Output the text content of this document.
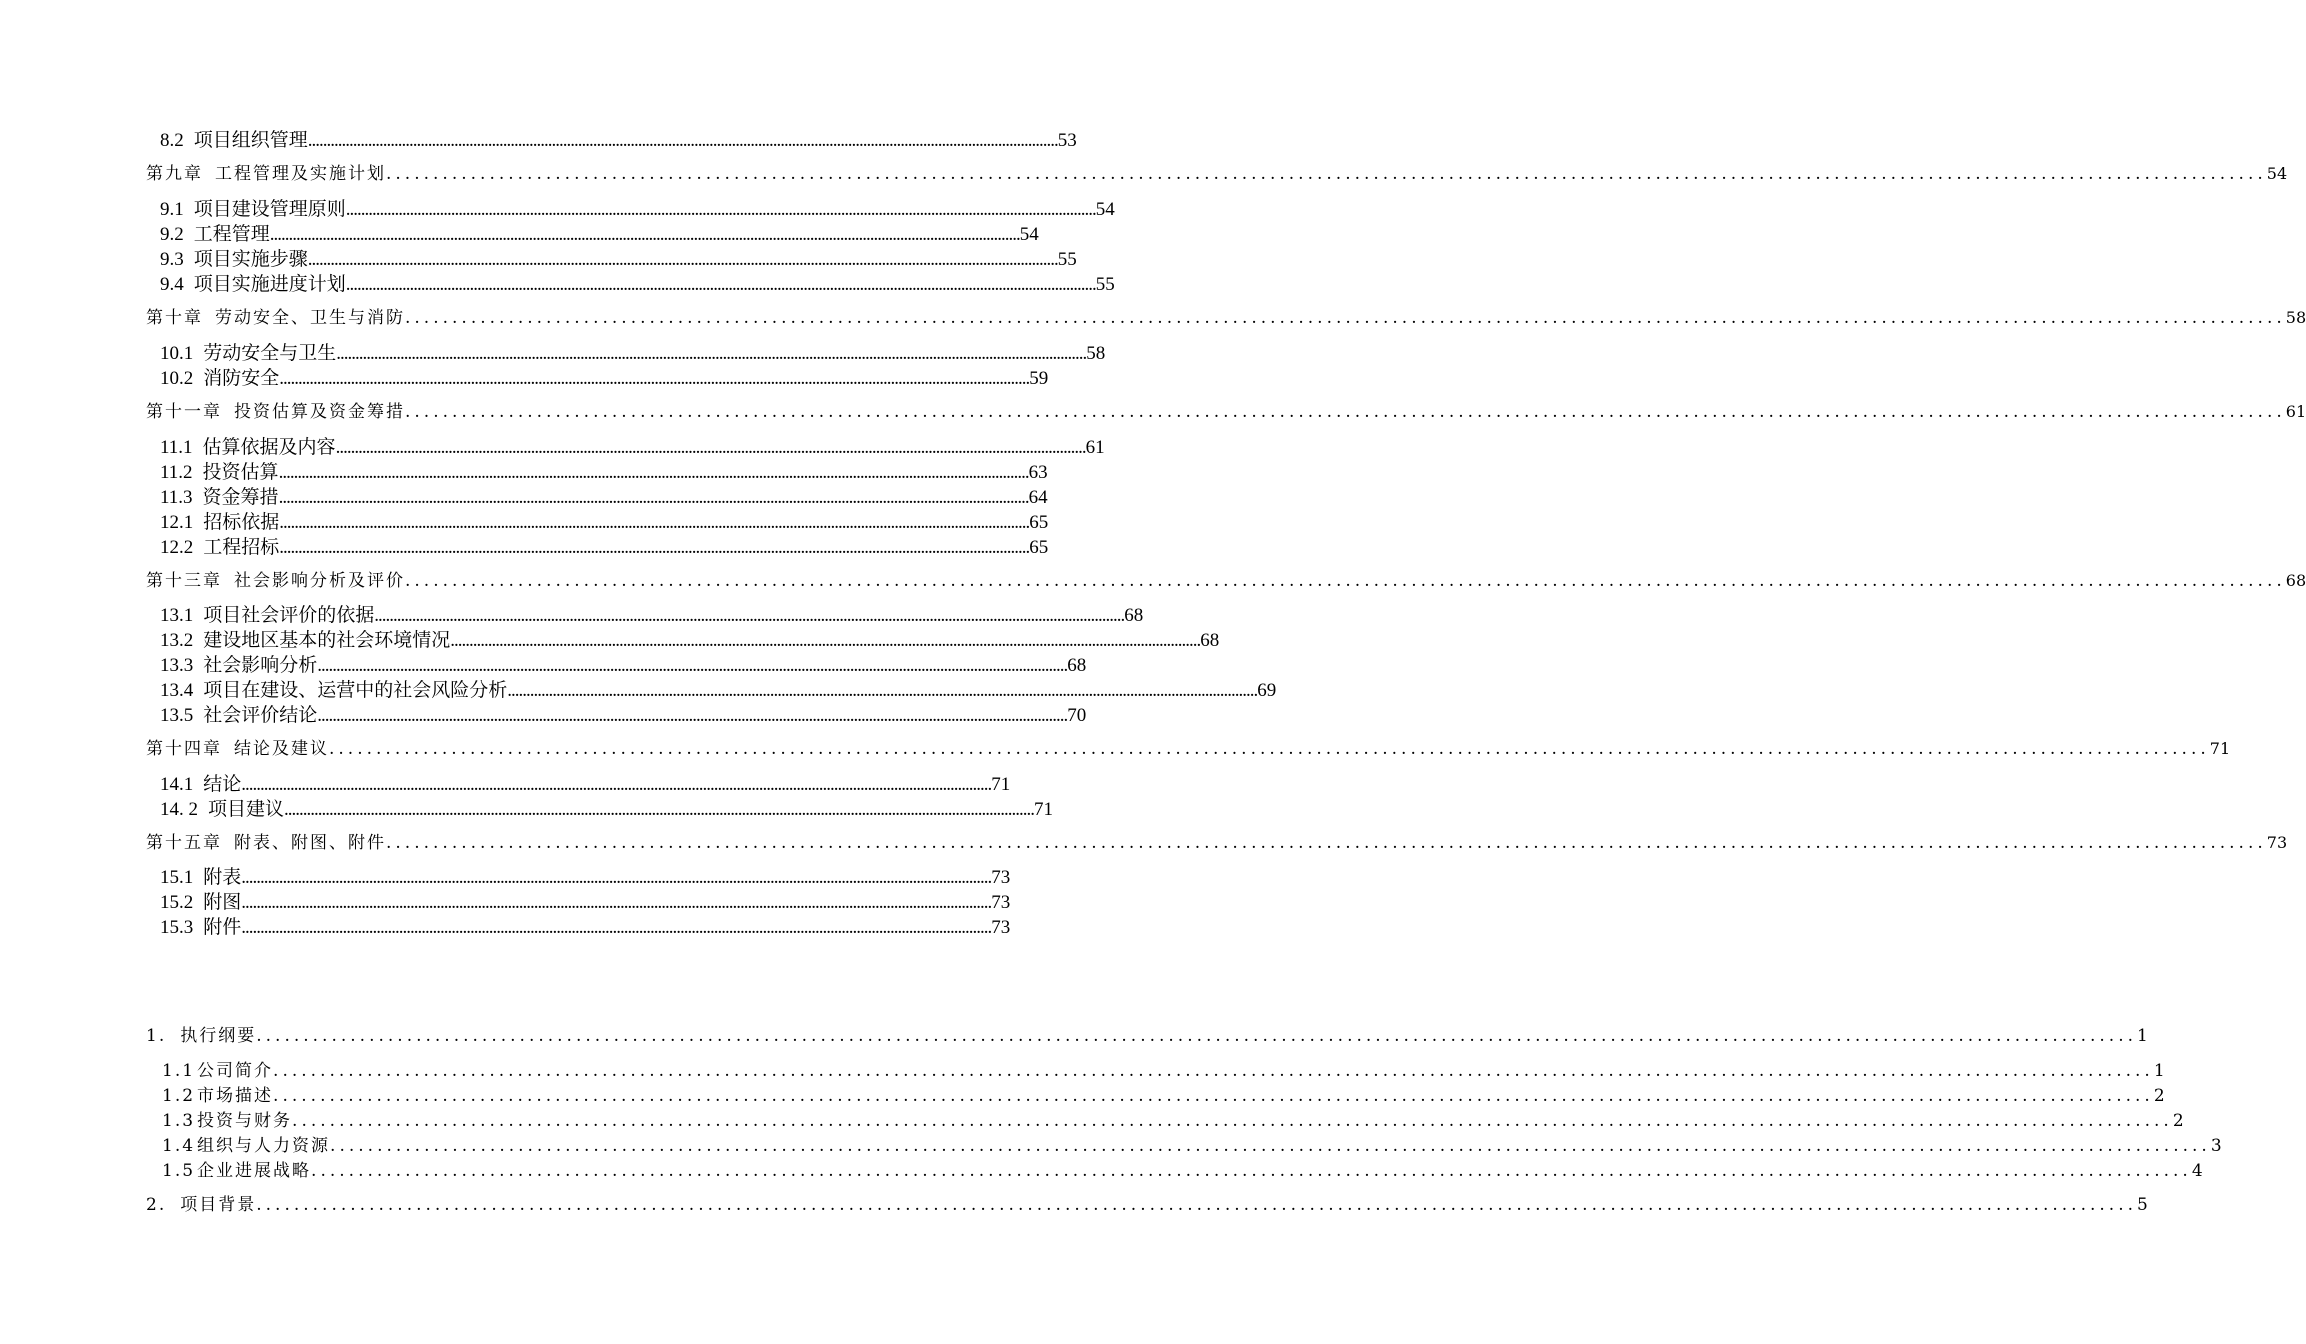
8.2 项目组织管理 ........................................................................................................................................................................................................ 53
第九章 工程管理及实施计划 ........................................................................................................................................................................................................ 54
9.1 项目建设管理原则 ........................................................................................................................................................................................................ 54
9.2 工程管理 ........................................................................................................................................................................................................ 54
9.3 项目实施步骤 ........................................................................................................................................................................................................ 55
9.4 项目实施进度计划 ........................................................................................................................................................................................................ 55
第十章 劳动安全、卫生与消防 ........................................................................................................................................................................................................ 58
10.1 劳动安全与卫生 ........................................................................................................................................................................................................ 58
10.2 消防安全 ........................................................................................................................................................................................................ 59
第十一章 投资估算及资金筹措 ........................................................................................................................................................................................................ 61
11.1 估算依据及内容 ........................................................................................................................................................................................................ 61
11.2 投资估算 ........................................................................................................................................................................................................ 63
11.3 资金筹措 ........................................................................................................................................................................................................ 64
12.1 招标依据 ........................................................................................................................................................................................................ 65
12.2 工程招标 ........................................................................................................................................................................................................ 65
第十三章 社会影响分析及评价 ........................................................................................................................................................................................................ 68
13.1 项目社会评价的依据 ........................................................................................................................................................................................................ 68
13.2 建设地区基本的社会环境情况 ........................................................................................................................................................................................................ 68
13.3 社会影响分析 ........................................................................................................................................................................................................ 68
13.4 项目在建设、运营中的社会风险分析 ........................................................................................................................................................................................................ 69
13.5 社会评价结论 ........................................................................................................................................................................................................ 70
第十四章 结论及建议 ........................................................................................................................................................................................................ 71
14.1 结论 ........................................................................................................................................................................................................ 71
14. 2 项目建议 ........................................................................................................................................................................................................ 71
第十五章 附表、附图、附件 ........................................................................................................................................................................................................ 73
15.1 附表 ........................................................................................................................................................................................................ 73
15.2 附图 ........................................................................................................................................................................................................ 73
15.3 附件 ........................................................................................................................................................................................................ 73
1. 执行纲要 ........................................................................................................................................................................................................ 1
1.1 公司简介 ........................................................................................................................................................................................................ 1
1.2 市场描述 ........................................................................................................................................................................................................ 2
1.3 投资与财务 ........................................................................................................................................................................................................ 2
1.4 组织与人力资源 ........................................................................................................................................................................................................ 3
1.5 企业进展战略 ........................................................................................................................................................................................................ 4
2. 项目背景 ........................................................................................................................................................................................................ 5
